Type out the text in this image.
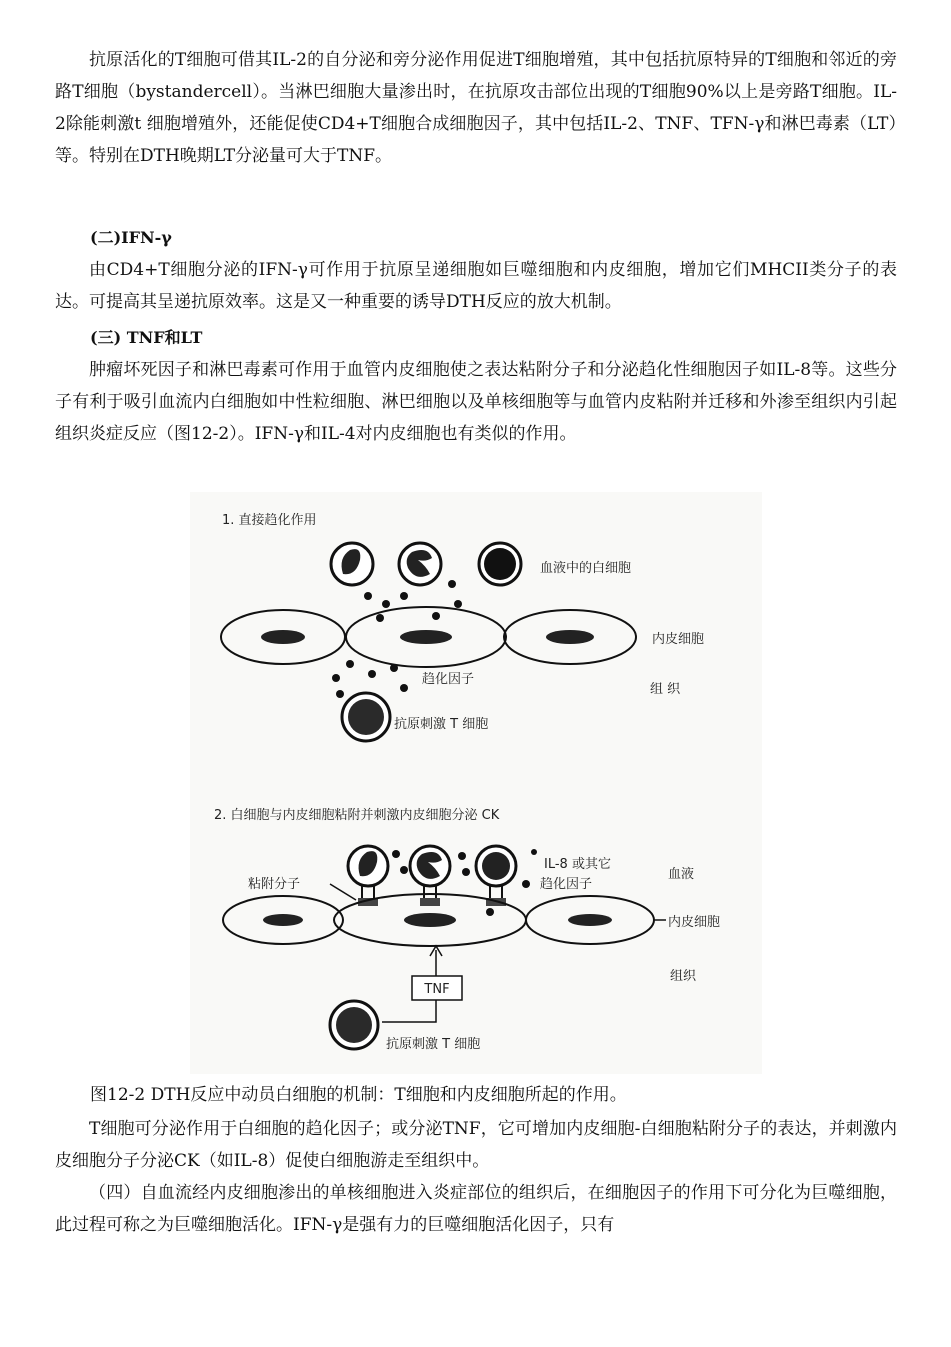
抗原活化的T细胞可借其IL-2的自分泌和旁分泌作用促进T细胞增殖，其中包括抗原特异的T细胞和邻近的旁路T细胞（bystandercell）。当淋巴细胞大量渗出时，在抗原攻击部位出现的T细胞90%以上是旁路T细胞。IL-2除能刺激t 细胞增殖外，还能促使CD4+T细胞合成细胞因子，其中包括IL-2、TNF、TFN-γ和淋巴毒素（LT）等。特别在DTH晚期LT分泌量可大于TNF。

(二)IFN-γ

由CD4+T细胞分泌的IFN-γ可作用于抗原呈递细胞如巨噬细胞和内皮细胞，增加它们MHCII类分子的表达。可提高其呈递抗原效率。这是又一种重要的诱导DTH反应的放大机制。

(三) TNF和LT

肿瘤坏死因子和淋巴毒素可作用于血管内皮细胞使之表达粘附分子和分泌趋化性细胞因子如IL-8等。这些分子有利于吸引血流内白细胞如中性粒细胞、淋巴细胞以及单核细胞等与血管内皮粘附并迁移和外渗至组织内引起组织炎症反应（图12-2）。IFN-γ和IL-4对内皮细胞也有类似的作用。

1. 直接趋化作用
血液中的白细胞
内皮细胞
趋化因子
组 织
抗原刺激 T 细胞
2. 白细胞与内皮细胞粘附并刺激内皮细胞分泌 CK
粘附分子
IL-8 或其它
趋化因子
血液
内皮细胞
组织
TNF
抗原刺激 T 细胞

图12-2 DTH反应中动员白细胞的机制：T细胞和内皮细胞所起的作用。

T细胞可分泌作用于白细胞的趋化因子；或分泌TNF，它可增加内皮细胞-白细胞粘附分子的表达，并刺激内皮细胞分子分泌CK（如IL-8）促使白细胞游走至组织中。

（四）自血流经内皮细胞渗出的单核细胞进入炎症部位的组织后，在细胞因子的作用下可分化为巨噬细胞，此过程可称之为巨噬细胞活化。IFN-γ是强有力的巨噬细胞活化因子，只有
